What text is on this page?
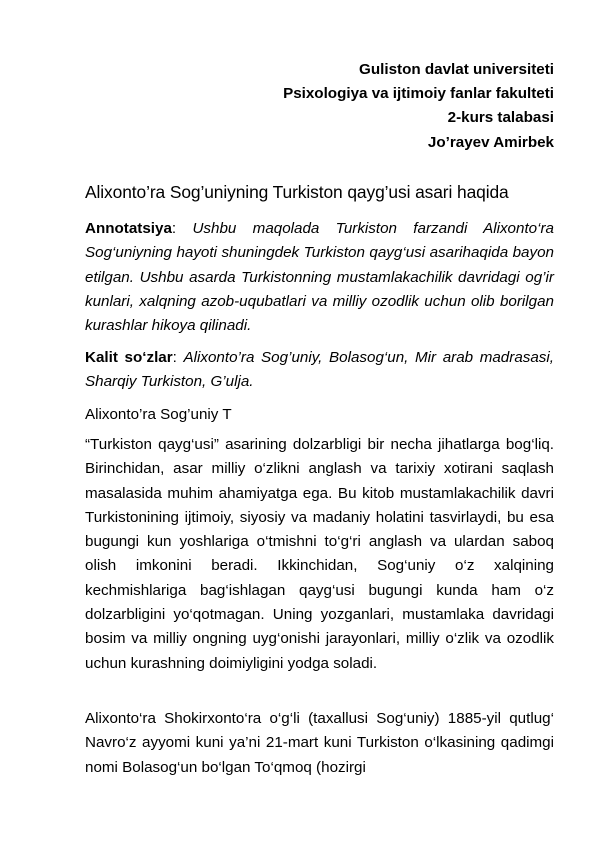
Guliston davlat universiteti
Psixologiya va ijtimoiy fanlar fakulteti
2-kurs talabasi
Jo’rayev Amirbek
Alixonto’ra Sog’uniyning Turkiston qayg’usi asari haqida

Annotatsiya: Ushbu maqolada Turkiston farzandi Alixonto‘ra Sog‘uniyning hayoti shuningdek Turkiston qayg‘usi asarihaqida bayon etilgan. Ushbu asarda Turkistonning mustamlakachilik davridagi og’ir kunlari, xalqning azob-uqubatlari va milliy ozodlik uchun olib borilgan kurashlar hikoya qilinadi.

Kalit so‘zlar: Alixonto’ra Sog’uniy, Bolasog‘un, Mir arab madrasasi, Sharqiy Turkiston, G’ulja.

Alixonto’ra Sog’uniy T

“Turkiston qayg‘usi” asarining dolzarbligi bir necha jihatlarga bog‘liq. Birinchidan, asar milliy o‘zlikni anglash va tarixiy xotirani saqlash masalasida muhim ahamiyatga ega. Bu kitob mustamlakachilik davri Turkistonining ijtimoiy, siyosiy va madaniy holatini tasvirlaydi, bu esa bugungi kun yoshlariga o‘tmishni to‘g‘ri anglash va ulardan saboq olish imkonini beradi. Ikkinchidan, Sog‘uniy o‘z xalqining kechmishlariga bag‘ishlagan qayg‘usi bugungi kunda ham o‘z dolzarbligini yo‘qotmagan. Uning yozganlari, mustamlaka davridagi bosim va milliy ongning uyg‘onishi jarayonlari, milliy o‘zlik va ozodlik uchun kurashning doimiyligini yodga soladi.

Alixonto‘ra Shokirxonto‘ra o‘g‘li (taxallusi Sog‘uniy) 1885-yil qutlug‘ Navro‘z ayyomi kuni ya’ni 21-mart kuni Turkiston o‘lkasining qadimgi nomi Bolasog‘un bo‘lgan To‘qmoq (hozirgi
